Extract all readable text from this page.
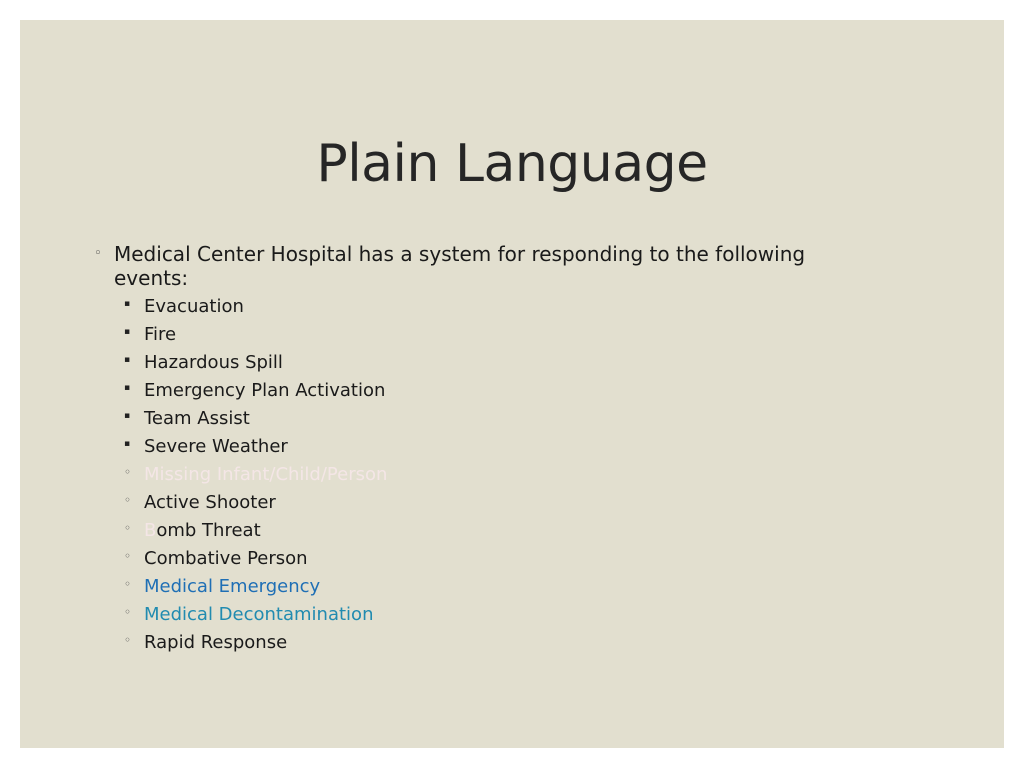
Plain Language
◦ Medical Center Hospital has a system for responding to the following
events:
▪ Evacuation
▪ Fire
▪ Hazardous Spill
▪ Emergency Plan Activation
▪ Team Assist
▪ Severe Weather
◦ Missing Infant/Child/Person
◦ Active Shooter
◦ Bomb Threat
◦ Combative Person
◦ Medical Emergency
◦ Medical Decontamination
◦ Rapid Response
